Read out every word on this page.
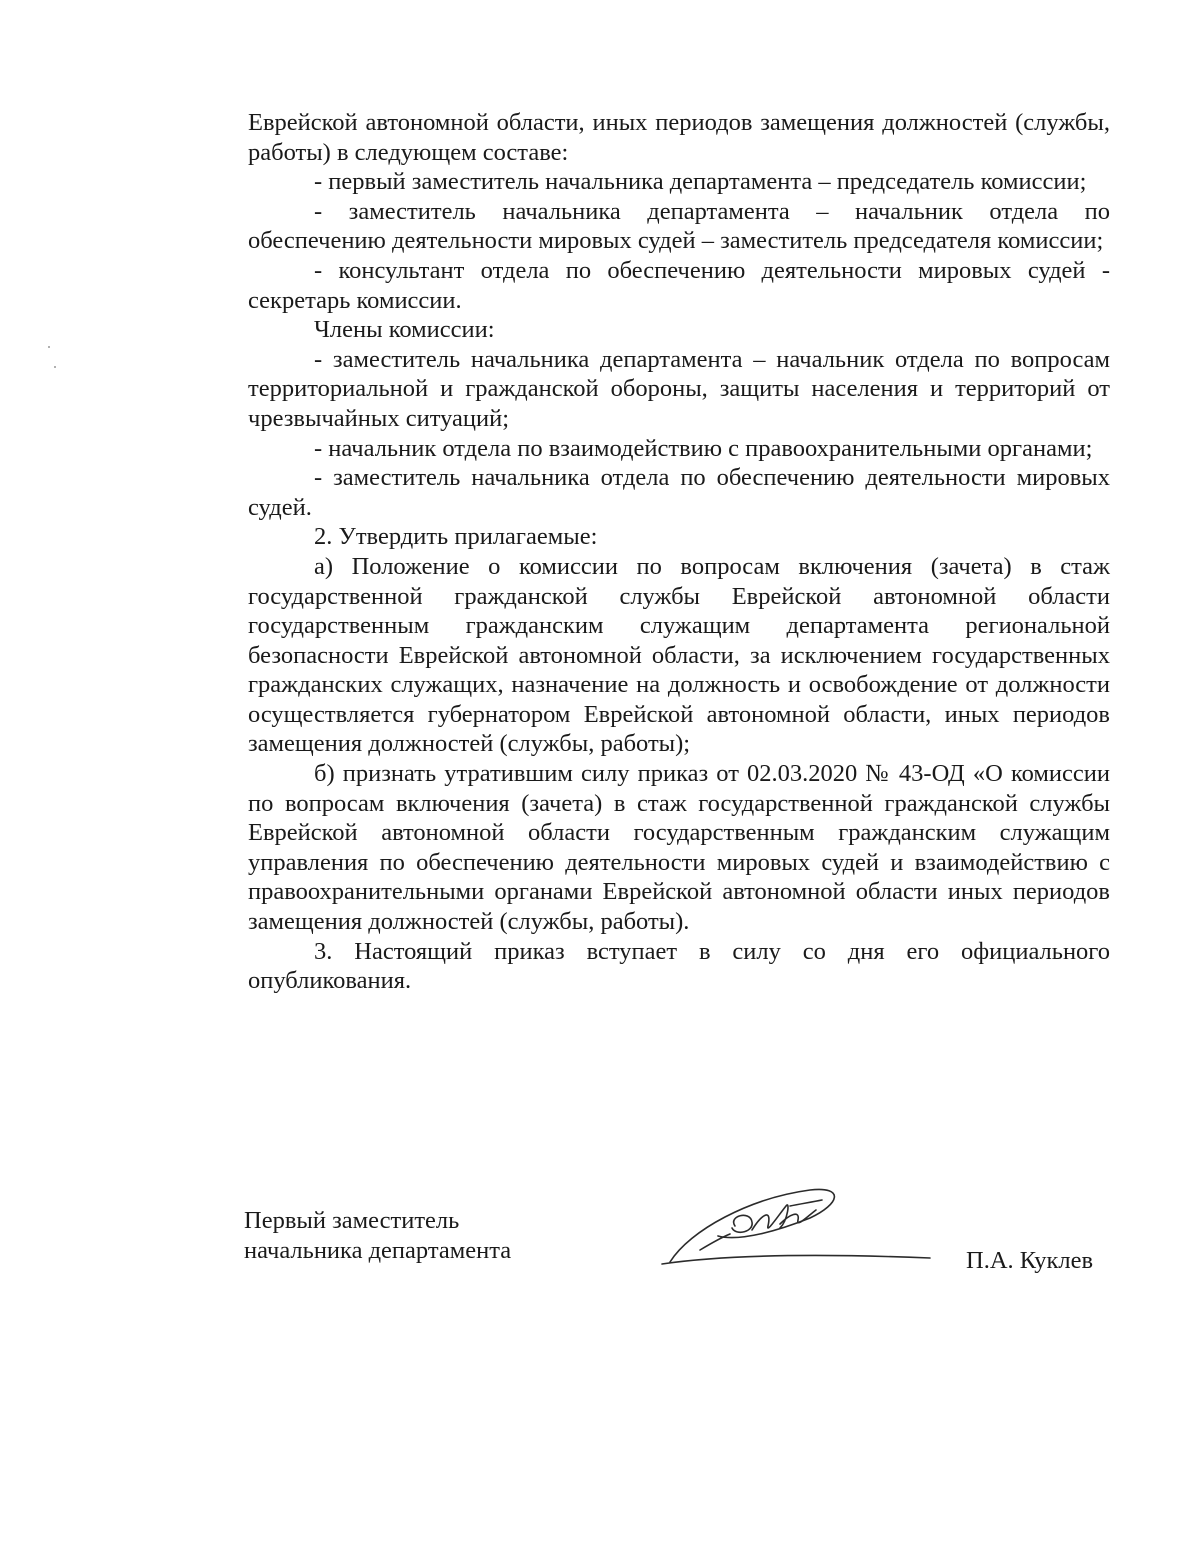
Еврейской автономной области, иных периодов замещения должностей (службы, работы) в следующем составе:

- первый заместитель начальника департамента – председатель комиссии;

- заместитель начальника департамента – начальник отдела по обеспечению деятельности мировых судей – заместитель председателя комиссии;

- консультант отдела по обеспечению деятельности мировых судей - секретарь комиссии.

Члены комиссии:

- заместитель начальника департамента – начальник отдела по вопросам территориальной и гражданской обороны, защиты населения и территорий от чрезвычайных ситуаций;

- начальник отдела по взаимодействию с правоохранительными органами;

- заместитель начальника отдела по обеспечению деятельности мировых судей.

2. Утвердить прилагаемые:

а) Положение о комиссии по вопросам включения (зачета) в стаж государственной гражданской службы Еврейской автономной области государственным гражданским служащим департамента региональной безопасности Еврейской автономной области, за исключением государственных гражданских служащих, назначение на должность и освобождение от должности осуществляется губернатором Еврейской автономной области, иных периодов замещения должностей (службы, работы);

б) признать утратившим силу приказ от 02.03.2020 № 43-ОД «О комиссии по вопросам включения (зачета) в стаж государственной гражданской службы Еврейской автономной области государственным гражданским служащим управления по обеспечению деятельности мировых судей и взаимодействию с правоохранительными органами Еврейской автономной области иных периодов замещения должностей (службы, работы).

3. Настоящий приказ вступает в силу со дня его официального опубликования.

Первый заместитель
начальника департамента	П.А. Куклев
